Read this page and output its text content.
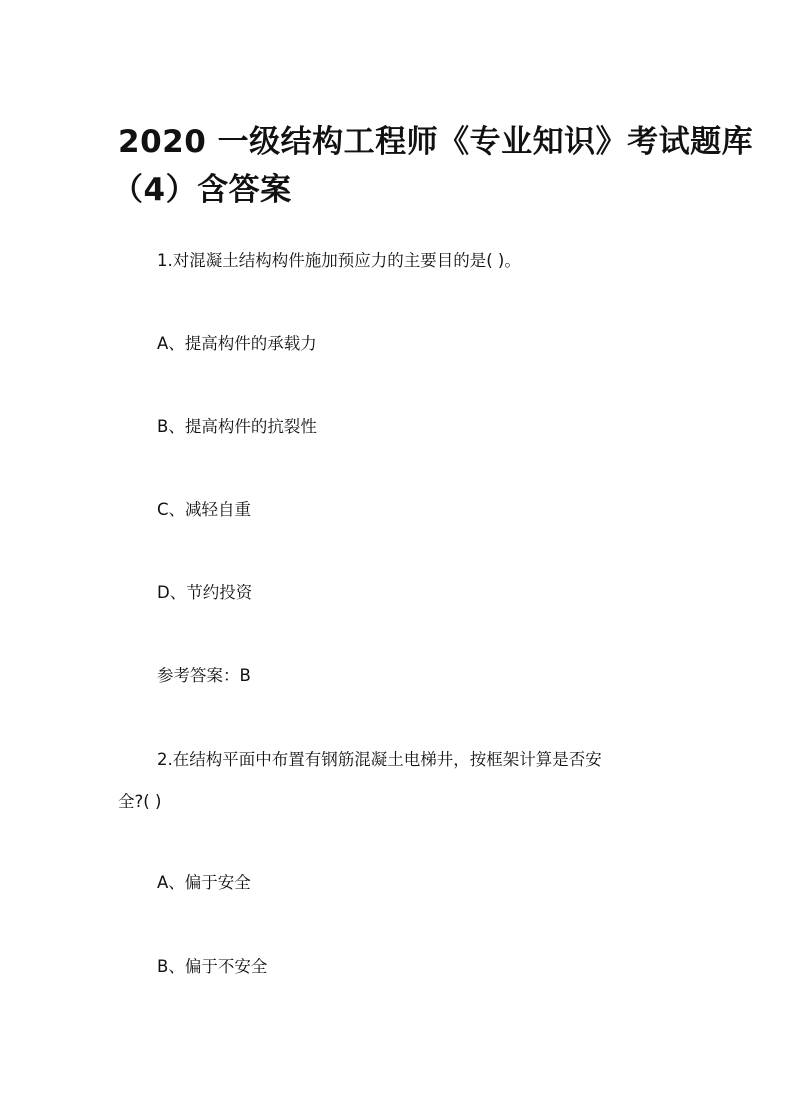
2020 一级结构工程师《专业知识》考试题库
（4）含答案
1.对混凝土结构构件施加预应力的主要目的是( )。
A、提高构件的承载力
B、提高构件的抗裂性
C、减轻自重
D、节约投资
参考答案：B
2.在结构平面中布置有钢筋混凝土电梯井，按框架计算是否安
全?( )
A、偏于安全
B、偏于不安全
